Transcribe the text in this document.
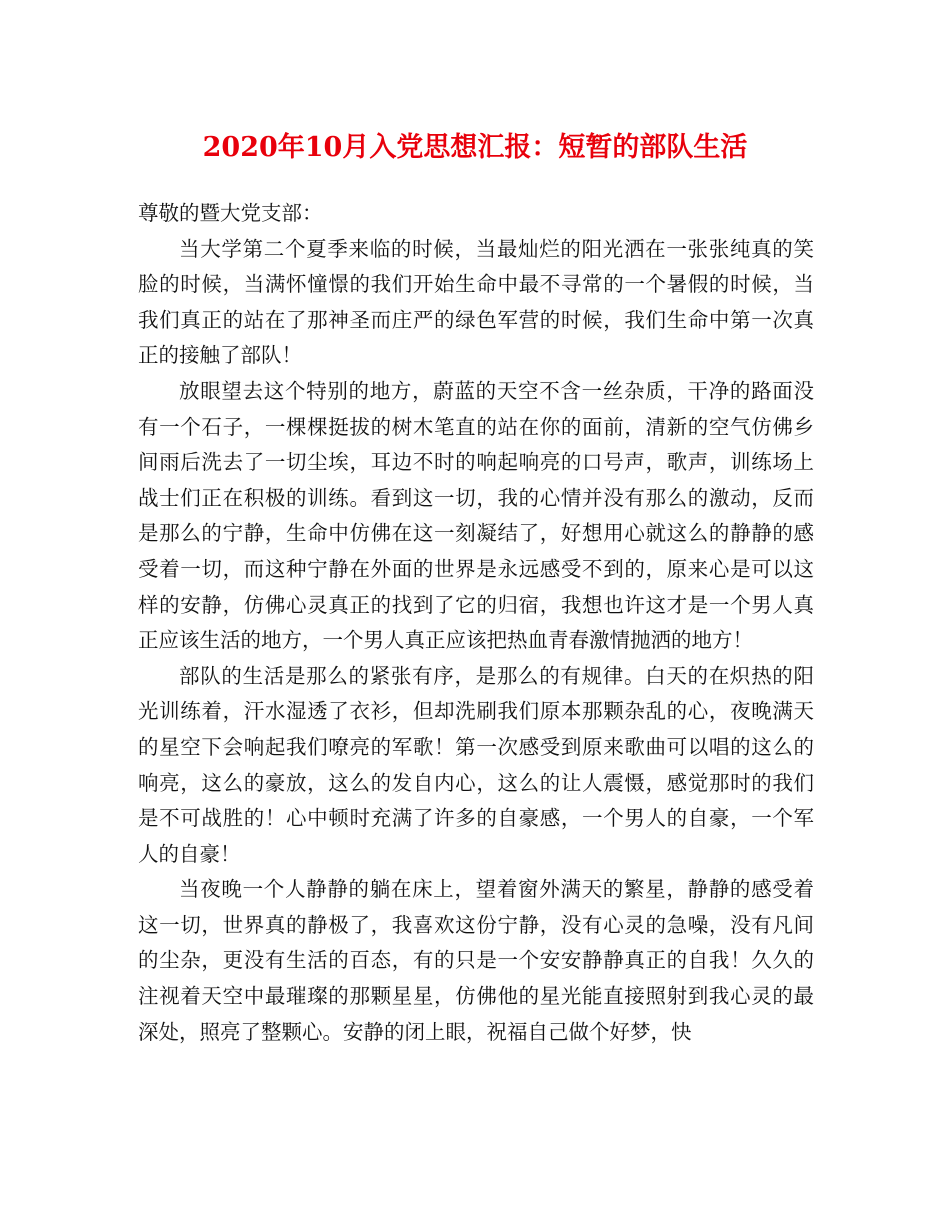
2020年10月入党思想汇报：短暂的部队生活

尊敬的暨大党支部：

当大学第二个夏季来临的时候，当最灿烂的阳光洒在一张张纯真的笑脸的时候，当满怀憧憬的我们开始生命中最不寻常的一个暑假的时候，当我们真正的站在了那神圣而庄严的绿色军营的时候，我们生命中第一次真正的接触了部队！

放眼望去这个特别的地方，蔚蓝的天空不含一丝杂质，干净的路面没有一个石子，一棵棵挺拔的树木笔直的站在你的面前，清新的空气仿佛乡间雨后洗去了一切尘埃，耳边不时的响起响亮的口号声，歌声，训练场上战士们正在积极的训练。看到这一切，我的心情并没有那么的激动，反而是那么的宁静，生命中仿佛在这一刻凝结了，好想用心就这么的静静的感受着一切，而这种宁静在外面的世界是永远感受不到的，原来心是可以这样的安静，仿佛心灵真正的找到了它的归宿，我想也许这才是一个男人真正应该生活的地方，一个男人真正应该把热血青春激情抛洒的地方！

部队的生活是那么的紧张有序，是那么的有规律。白天的在炽热的阳光训练着，汗水湿透了衣衫，但却洗刷我们原本那颗杂乱的心，夜晚满天的星空下会响起我们嘹亮的军歌！第一次感受到原来歌曲可以唱的这么的响亮，这么的豪放，这么的发自内心，这么的让人震慑，感觉那时的我们是不可战胜的！心中顿时充满了许多的自豪感，一个男人的自豪，一个军人的自豪！

当夜晚一个人静静的躺在床上，望着窗外满天的繁星，静静的感受着这一切，世界真的静极了，我喜欢这份宁静，没有心灵的急噪，没有凡间的尘杂，更没有生活的百态，有的只是一个安安静静真正的自我！久久的注视着天空中最璀璨的那颗星星，仿佛他的星光能直接照射到我心灵的最深处，照亮了整颗心。安静的闭上眼，祝福自己做个好梦，快
